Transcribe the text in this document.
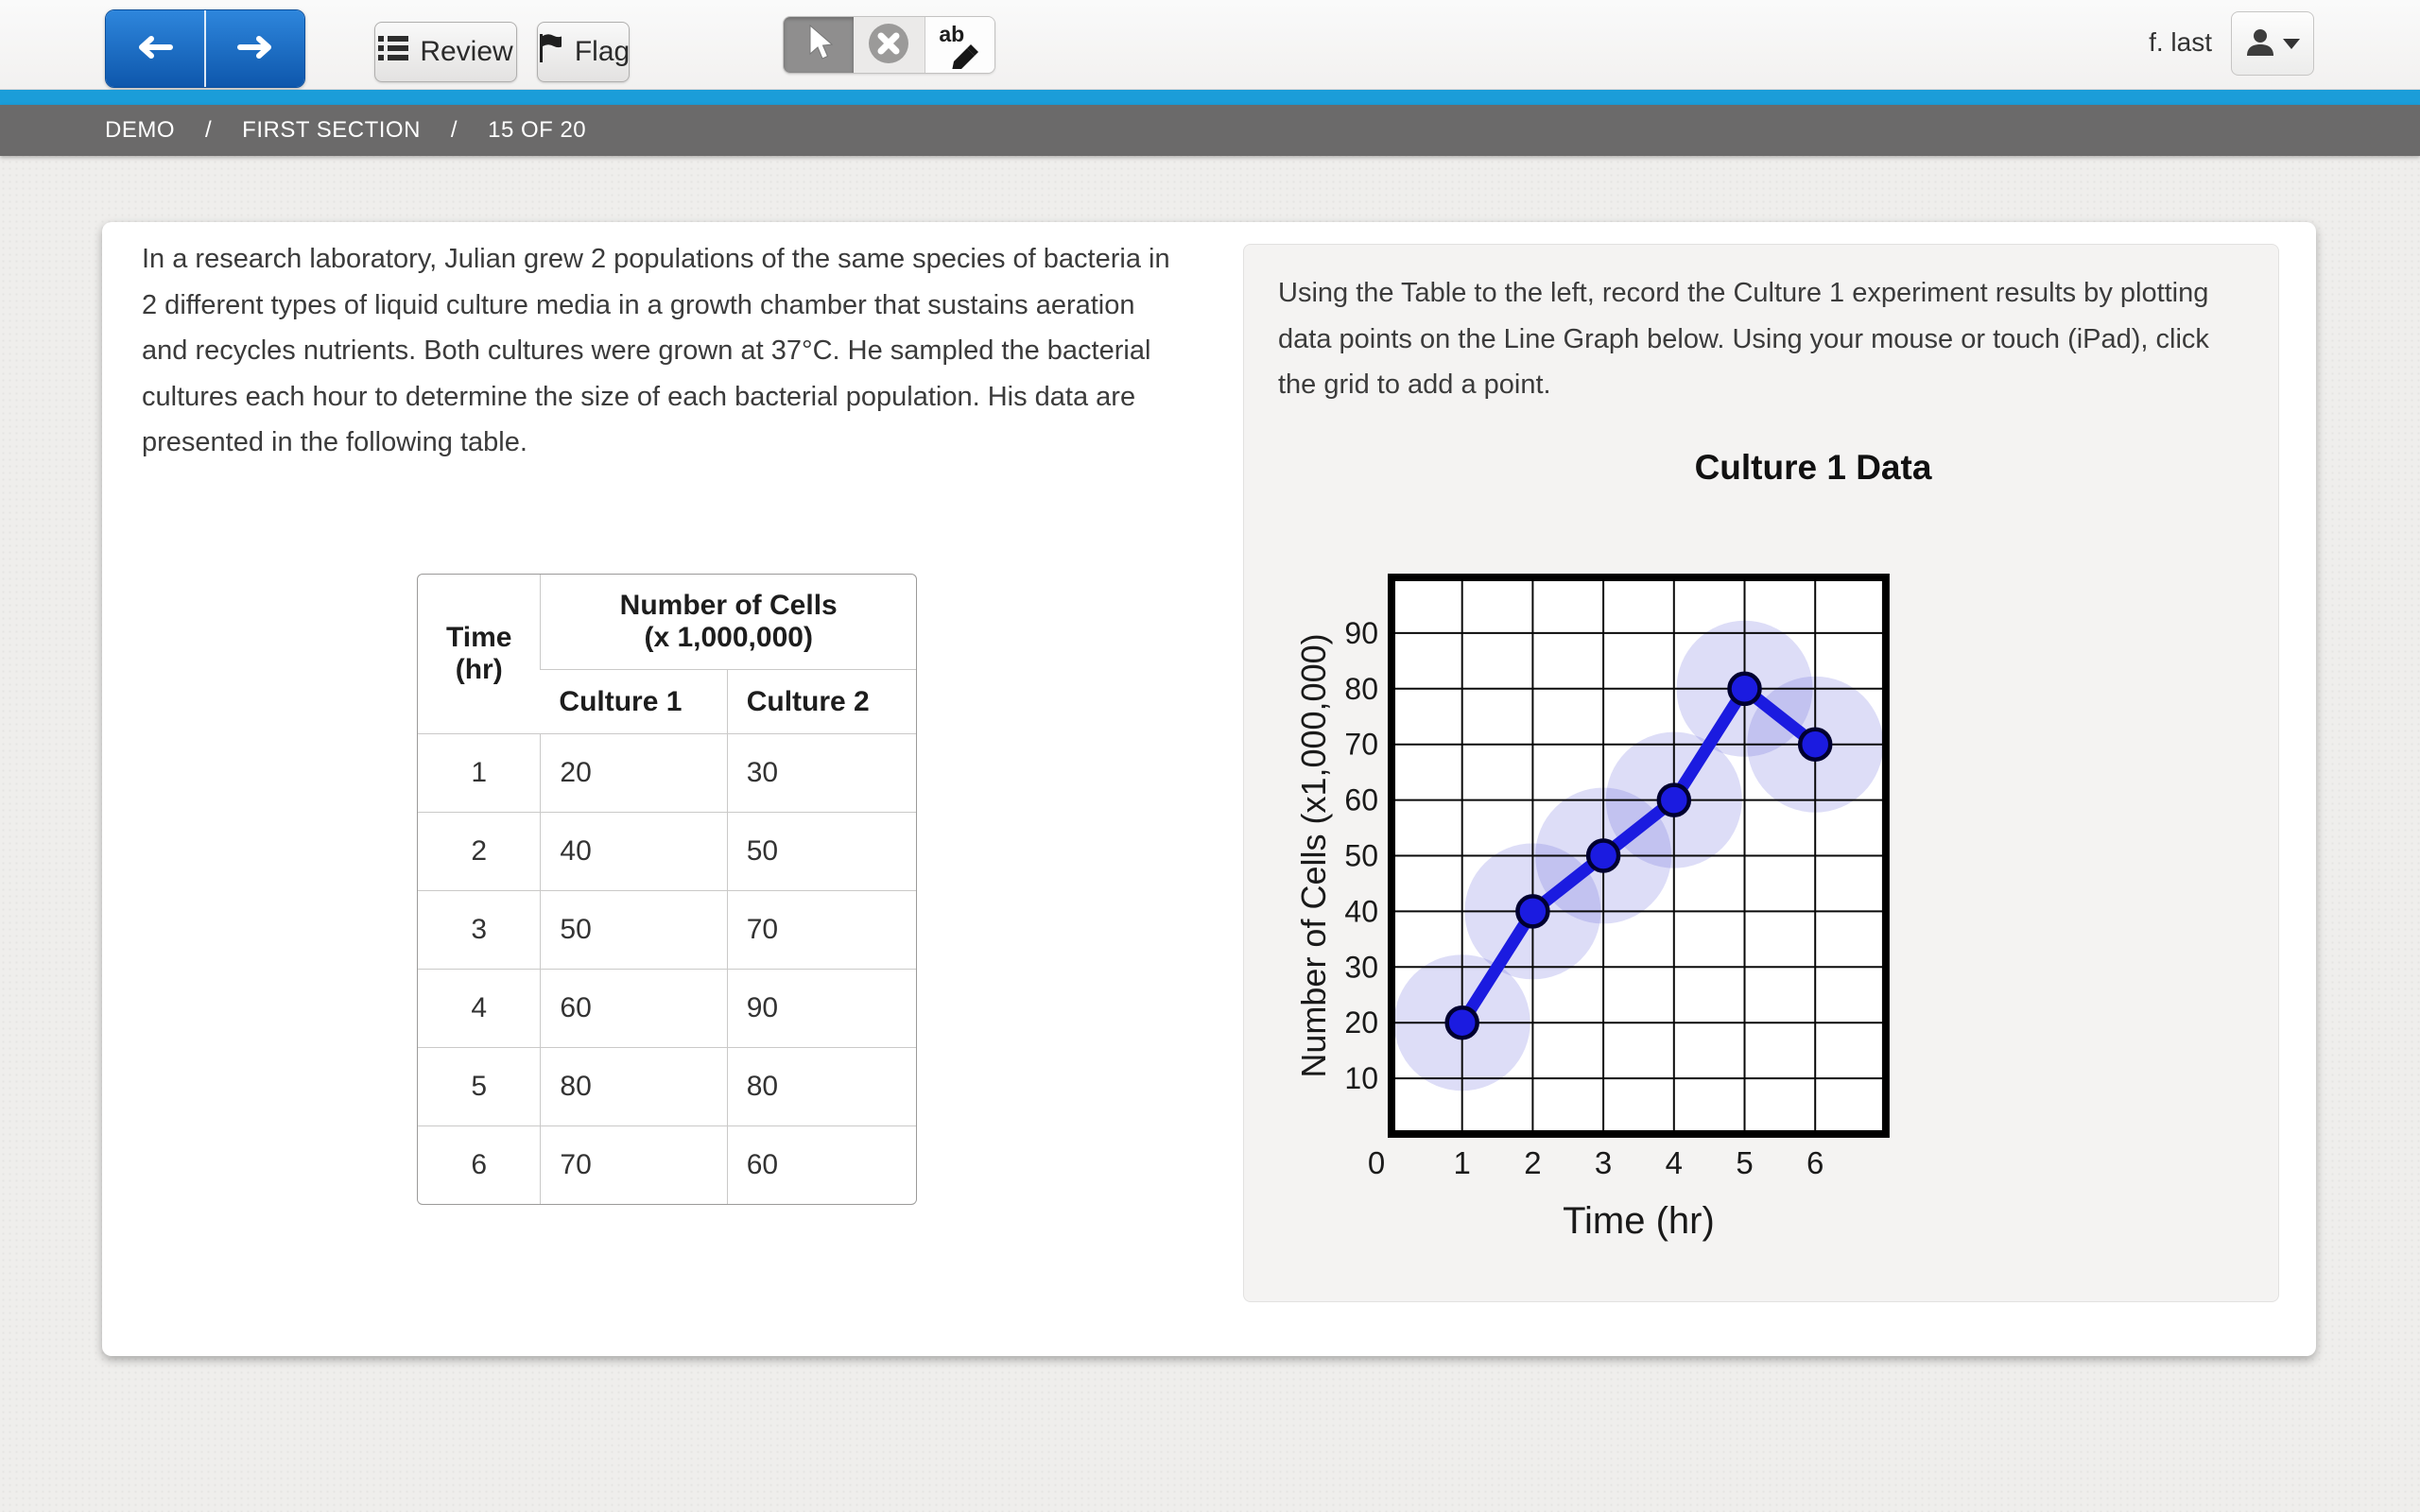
Review Flag
ab	f. last
DEMO / FIRST SECTION / 15 OF 20

In a research laboratory, Julian grew 2 populations of the same species of bacteria in 2 different types of liquid culture media in a growth chamber that sustains aeration and recycles nutrients. Both cultures were grown at 37°C. He sampled the bacterial cultures each hour to determine the size of each bacterial population. His data are presented in the following table.

Time
(hr)

Number of Cells
(x 1,000,000)

	Culture 1	Culture 2
1	20	30
2	40	50
3	50	70
4	60	90
5	80	80
6	70	60

Using the Table to the left, record the Culture 1 experiment results by plotting data points on the Line Graph below. Using your mouse or touch (iPad), click the grid to add a point.

Culture 1 Data
10
20
30
40
50
60
70
80
90
0 1 2 3 4 5 6
Time (hr)
Number of Cells (x1,000,000)
